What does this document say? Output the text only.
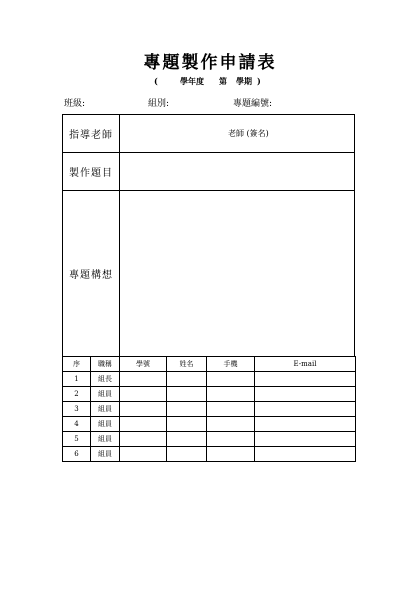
專題製作申請表
(	學年度 第 學期 )
班級:	組別:	專題編號:
指導老師	老師 (簽名)
製作題目
專題構想
序	職稱	學號	姓名	手機	E-mail
1	組長				
2	組員				
3	組員				
4	組員				
5	組員				
6	組員				
